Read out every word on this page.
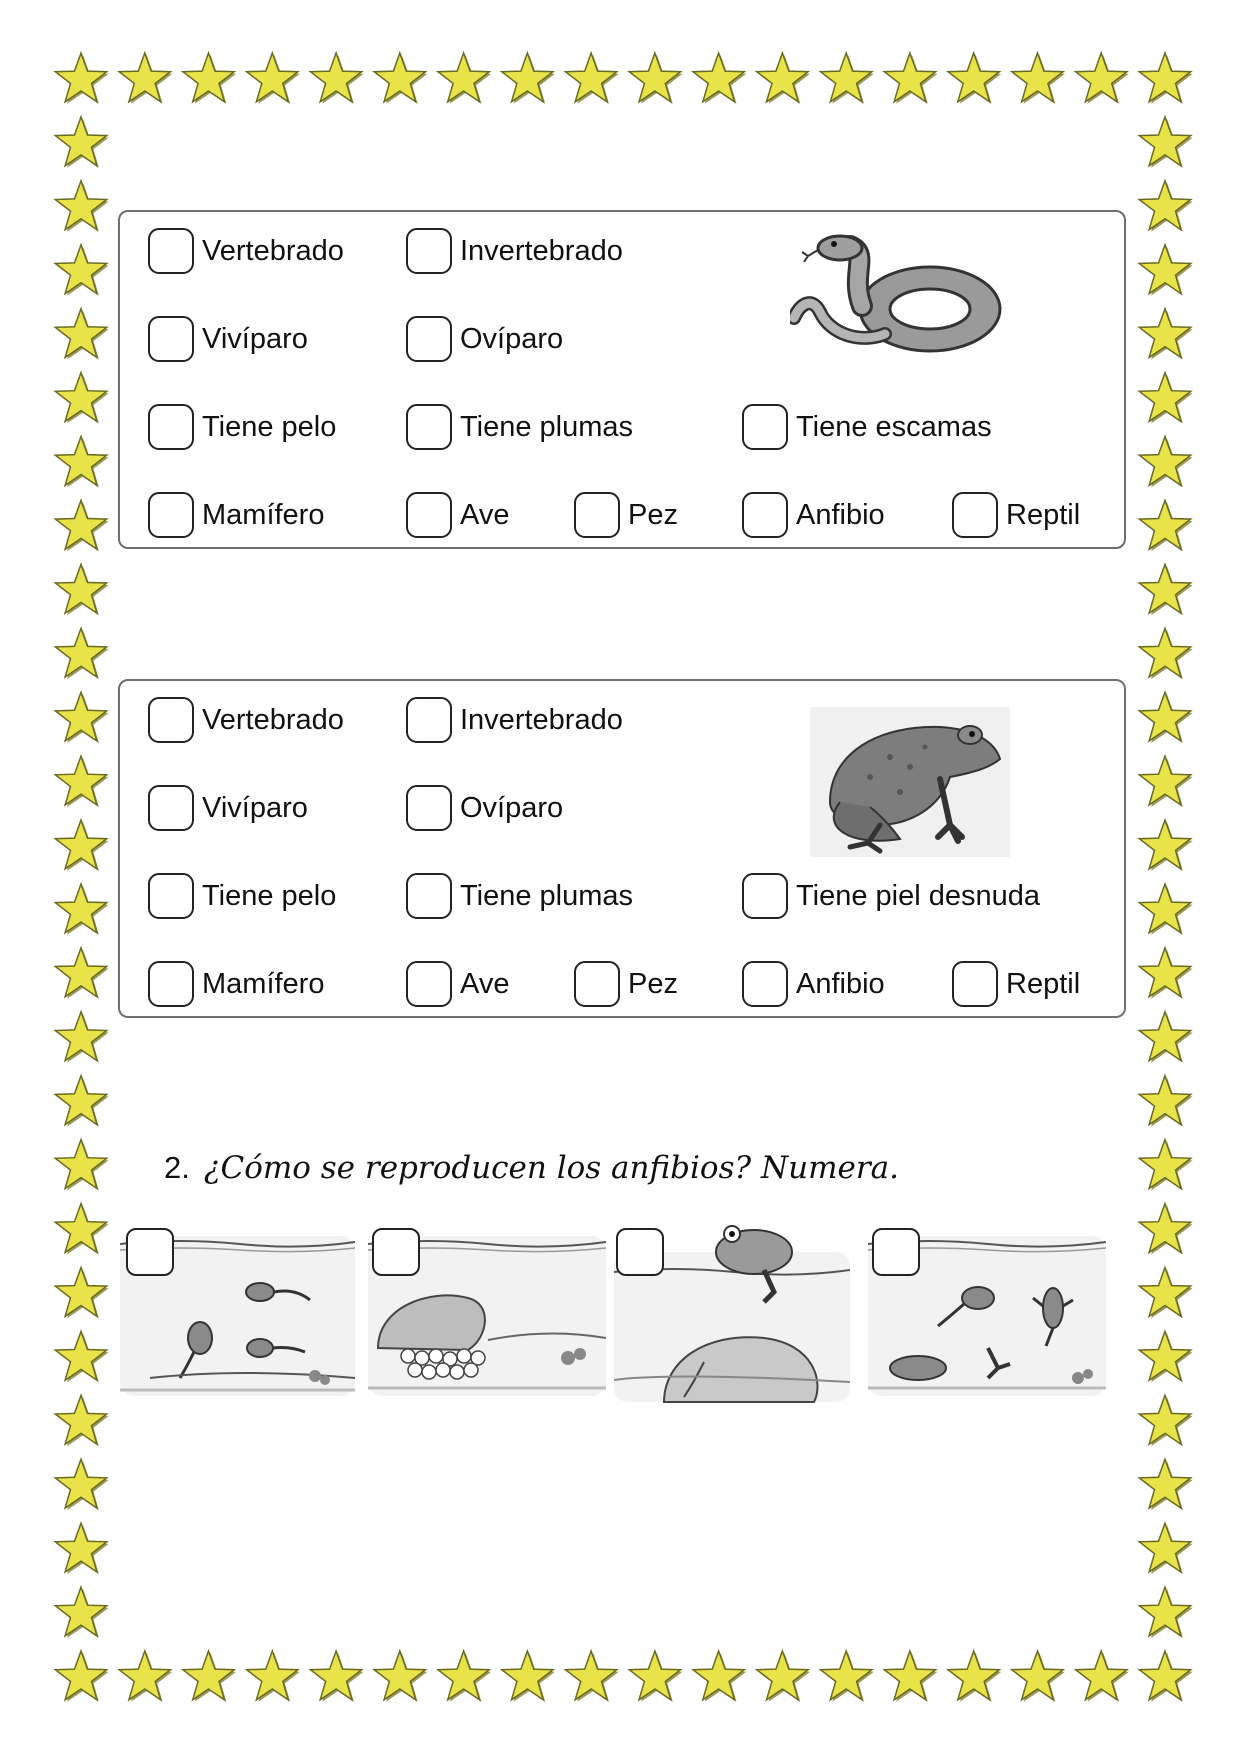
Vertebrado	Invertebrado
Vivíparo	Ovíparo
Tiene pelo	Tiene plumas	Tiene escamas
Mamífero	Ave	Pez	Anfibio	Reptil
Vertebrado	Invertebrado
Vivíparo	Ovíparo
Tiene pelo	Tiene plumas	Tiene piel desnuda
Mamífero	Ave	Pez	Anfibio	Reptil
2. ¿Cómo se reproducen los anfibios? Numera.
